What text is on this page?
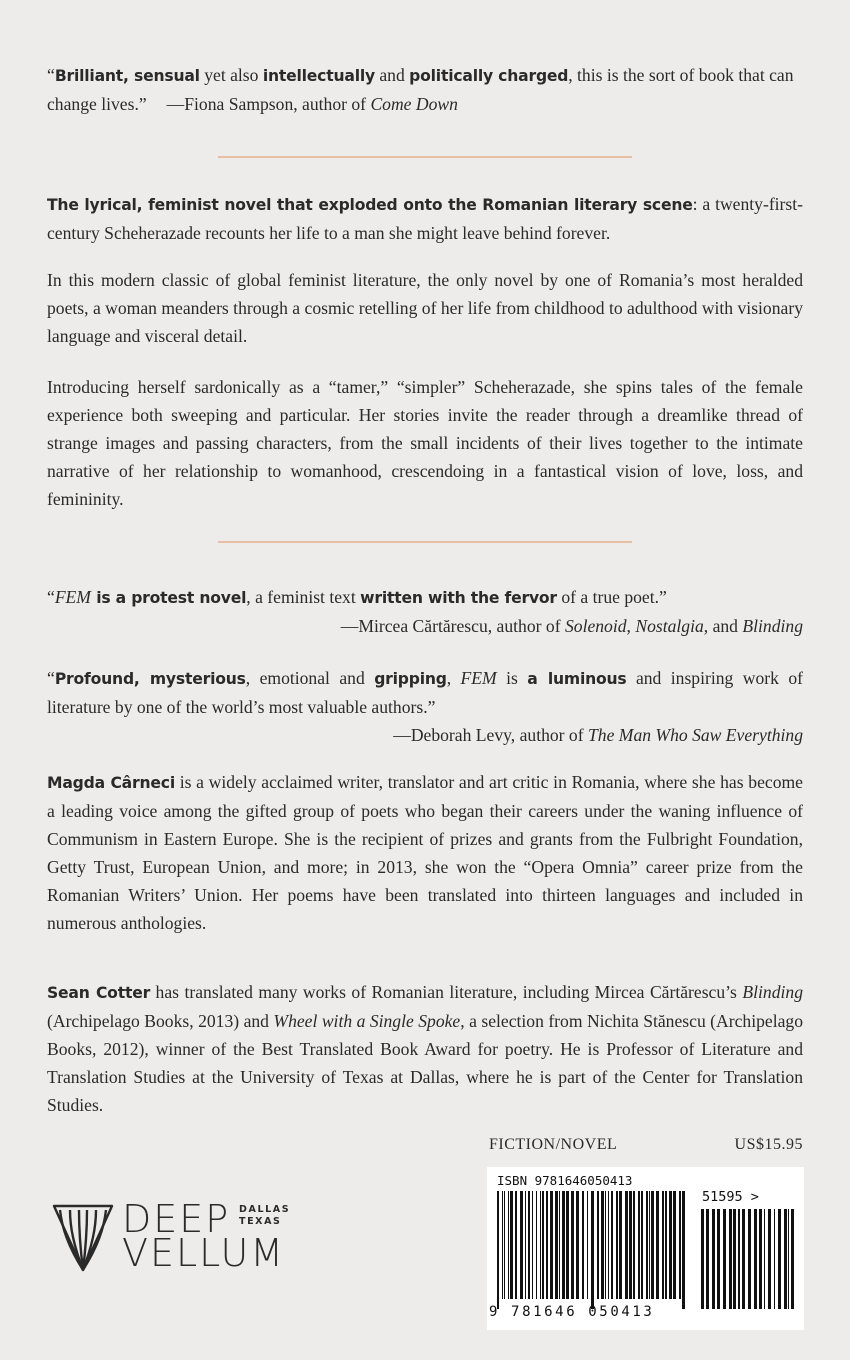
“Brilliant, sensual yet also intellectually and politically charged, this is the sort of book that can change lives.” —Fiona Sampson, author of Come Down
The lyrical, feminist novel that exploded onto the Romanian literary scene: a twenty-first-century Scheherazade recounts her life to a man she might leave behind forever.
In this modern classic of global feminist literature, the only novel by one of Romania’s most heralded poets, a woman meanders through a cosmic retelling of her life from childhood to adulthood with visionary language and visceral detail.
Introducing herself sardonically as a “tamer,” “simpler” Scheherazade, she spins tales of the female experience both sweeping and particular. Her stories invite the reader through a dreamlike thread of strange images and passing characters, from the small incidents of their lives together to the intimate narrative of her relationship to womanhood, crescendoing in a fantastical vision of love, loss, and femininity.
“FEM is a protest novel, a feminist text written with the fervor of a true poet.”
—Mircea Cărtărescu, author of Solenoid, Nostalgia, and Blinding
“Profound, mysterious, emotional and gripping, FEM is a luminous and inspiring work of literature by one of the world’s most valuable authors.”
—Deborah Levy, author of The Man Who Saw Everything
Magda Cârneci is a widely acclaimed writer, translator and art critic in Romania, where she has become a leading voice among the gifted group of poets who began their careers under the waning influence of Communism in Eastern Europe. She is the recipient of prizes and grants from the Fulbright Foundation, Getty Trust, European Union, and more; in 2013, she won the “Opera Omnia” career prize from the Romanian Writers’ Union. Her poems have been translated into thirteen languages and included in numerous anthologies.
Sean Cotter has translated many works of Romanian literature, including Mircea Cărtărescu’s Blinding (Archipelago Books, 2013) and Wheel with a Single Spoke, a selection from Nichita Stănescu (Archipelago Books, 2012), winner of the Best Translated Book Award for poetry. He is Professor of Literature and Translation Studies at the University of Texas at Dallas, where he is part of the Center for Translation Studies.
DEEP
VELLUM
DALLAS
TEXAS
FICTION/NOVEL	US$15.95
ISBN 9781646050413
51595 >
9 781646 050413
